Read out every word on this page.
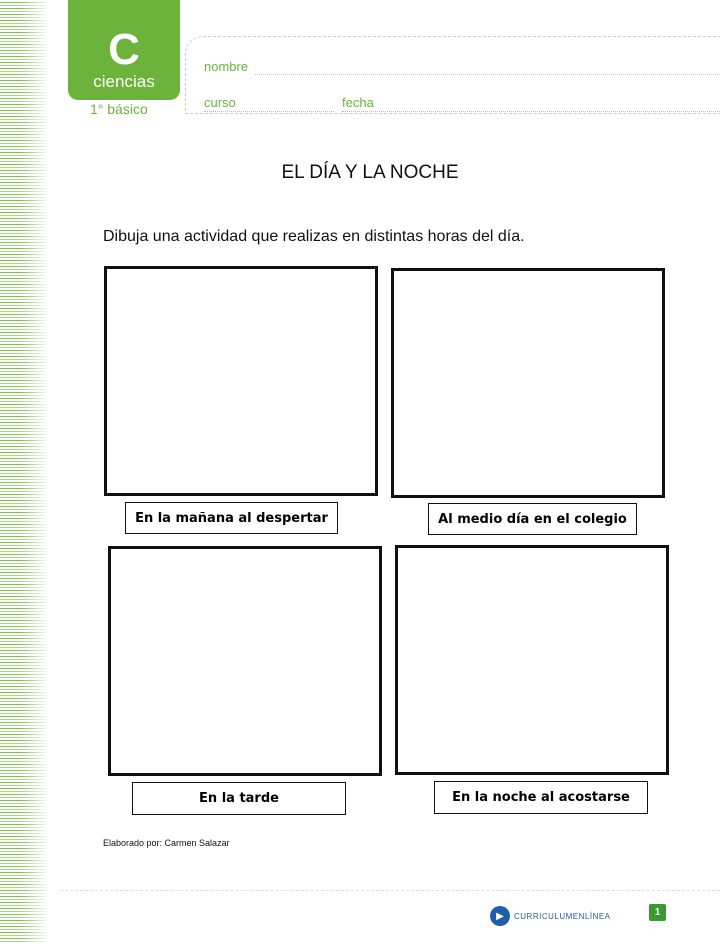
C
ciencias
1° básico
nombre
curso	fecha
EL DÍA Y LA NOCHE
Dibuja una actividad que realizas en distintas horas del día.
En la mañana al despertar	Al medio día en el colegio
En la tarde	En la noche al acostarse
Elaborado por: Carmen Salazar
▶	CURRICULUMENLÍNEA	1
